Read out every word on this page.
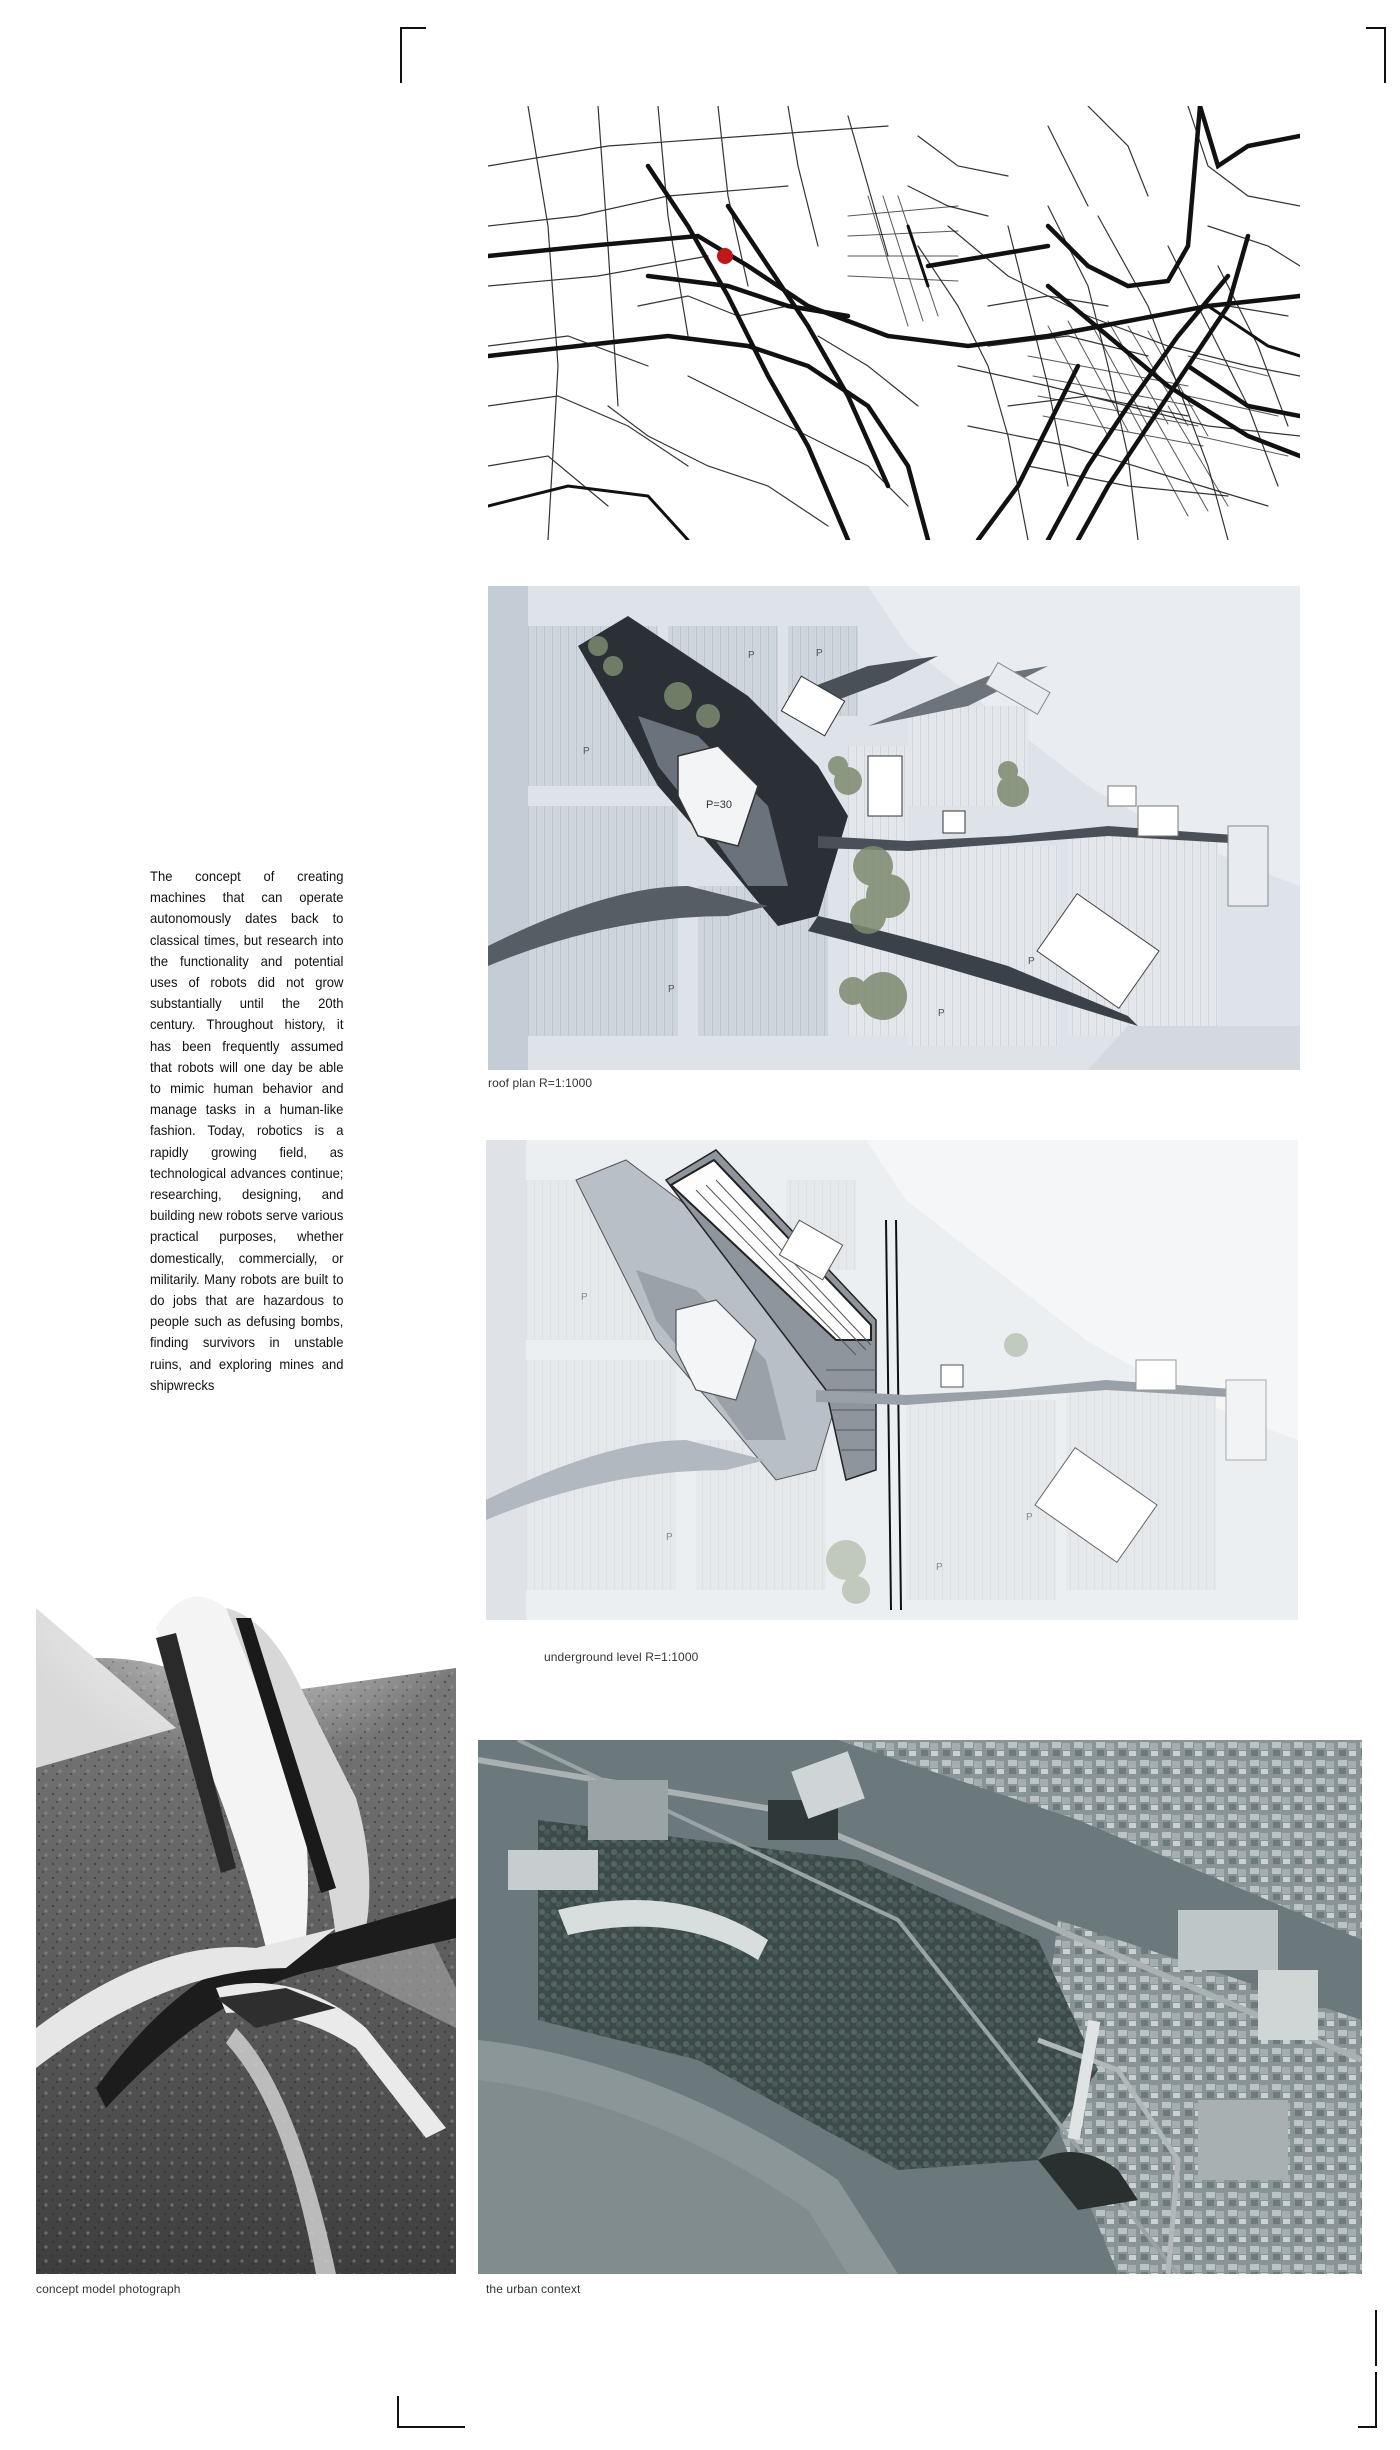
P=30
P
P
P
P
P	P
roof plan R=1:1000
P
P
P
P
underground level R=1:1000
The concept of creating machines that can operate autonomously dates back to classical times, but research into the functionality and potential uses of robots did not grow substantially until the 20th century. Throughout history, it has been frequently assumed that robots will one day be able to mimic human behavior and manage tasks in a human-like fashion. Today, robotics is a rapidly growing field, as technological advances continue; researching, designing, and building new robots serve various practical purposes, whether domestically, commercially, or militarily. Many robots are built to do jobs that are hazardous to people such as defusing bombs, finding survivors in unstable ruins, and exploring mines and shipwrecks
concept model photograph	the urban context
